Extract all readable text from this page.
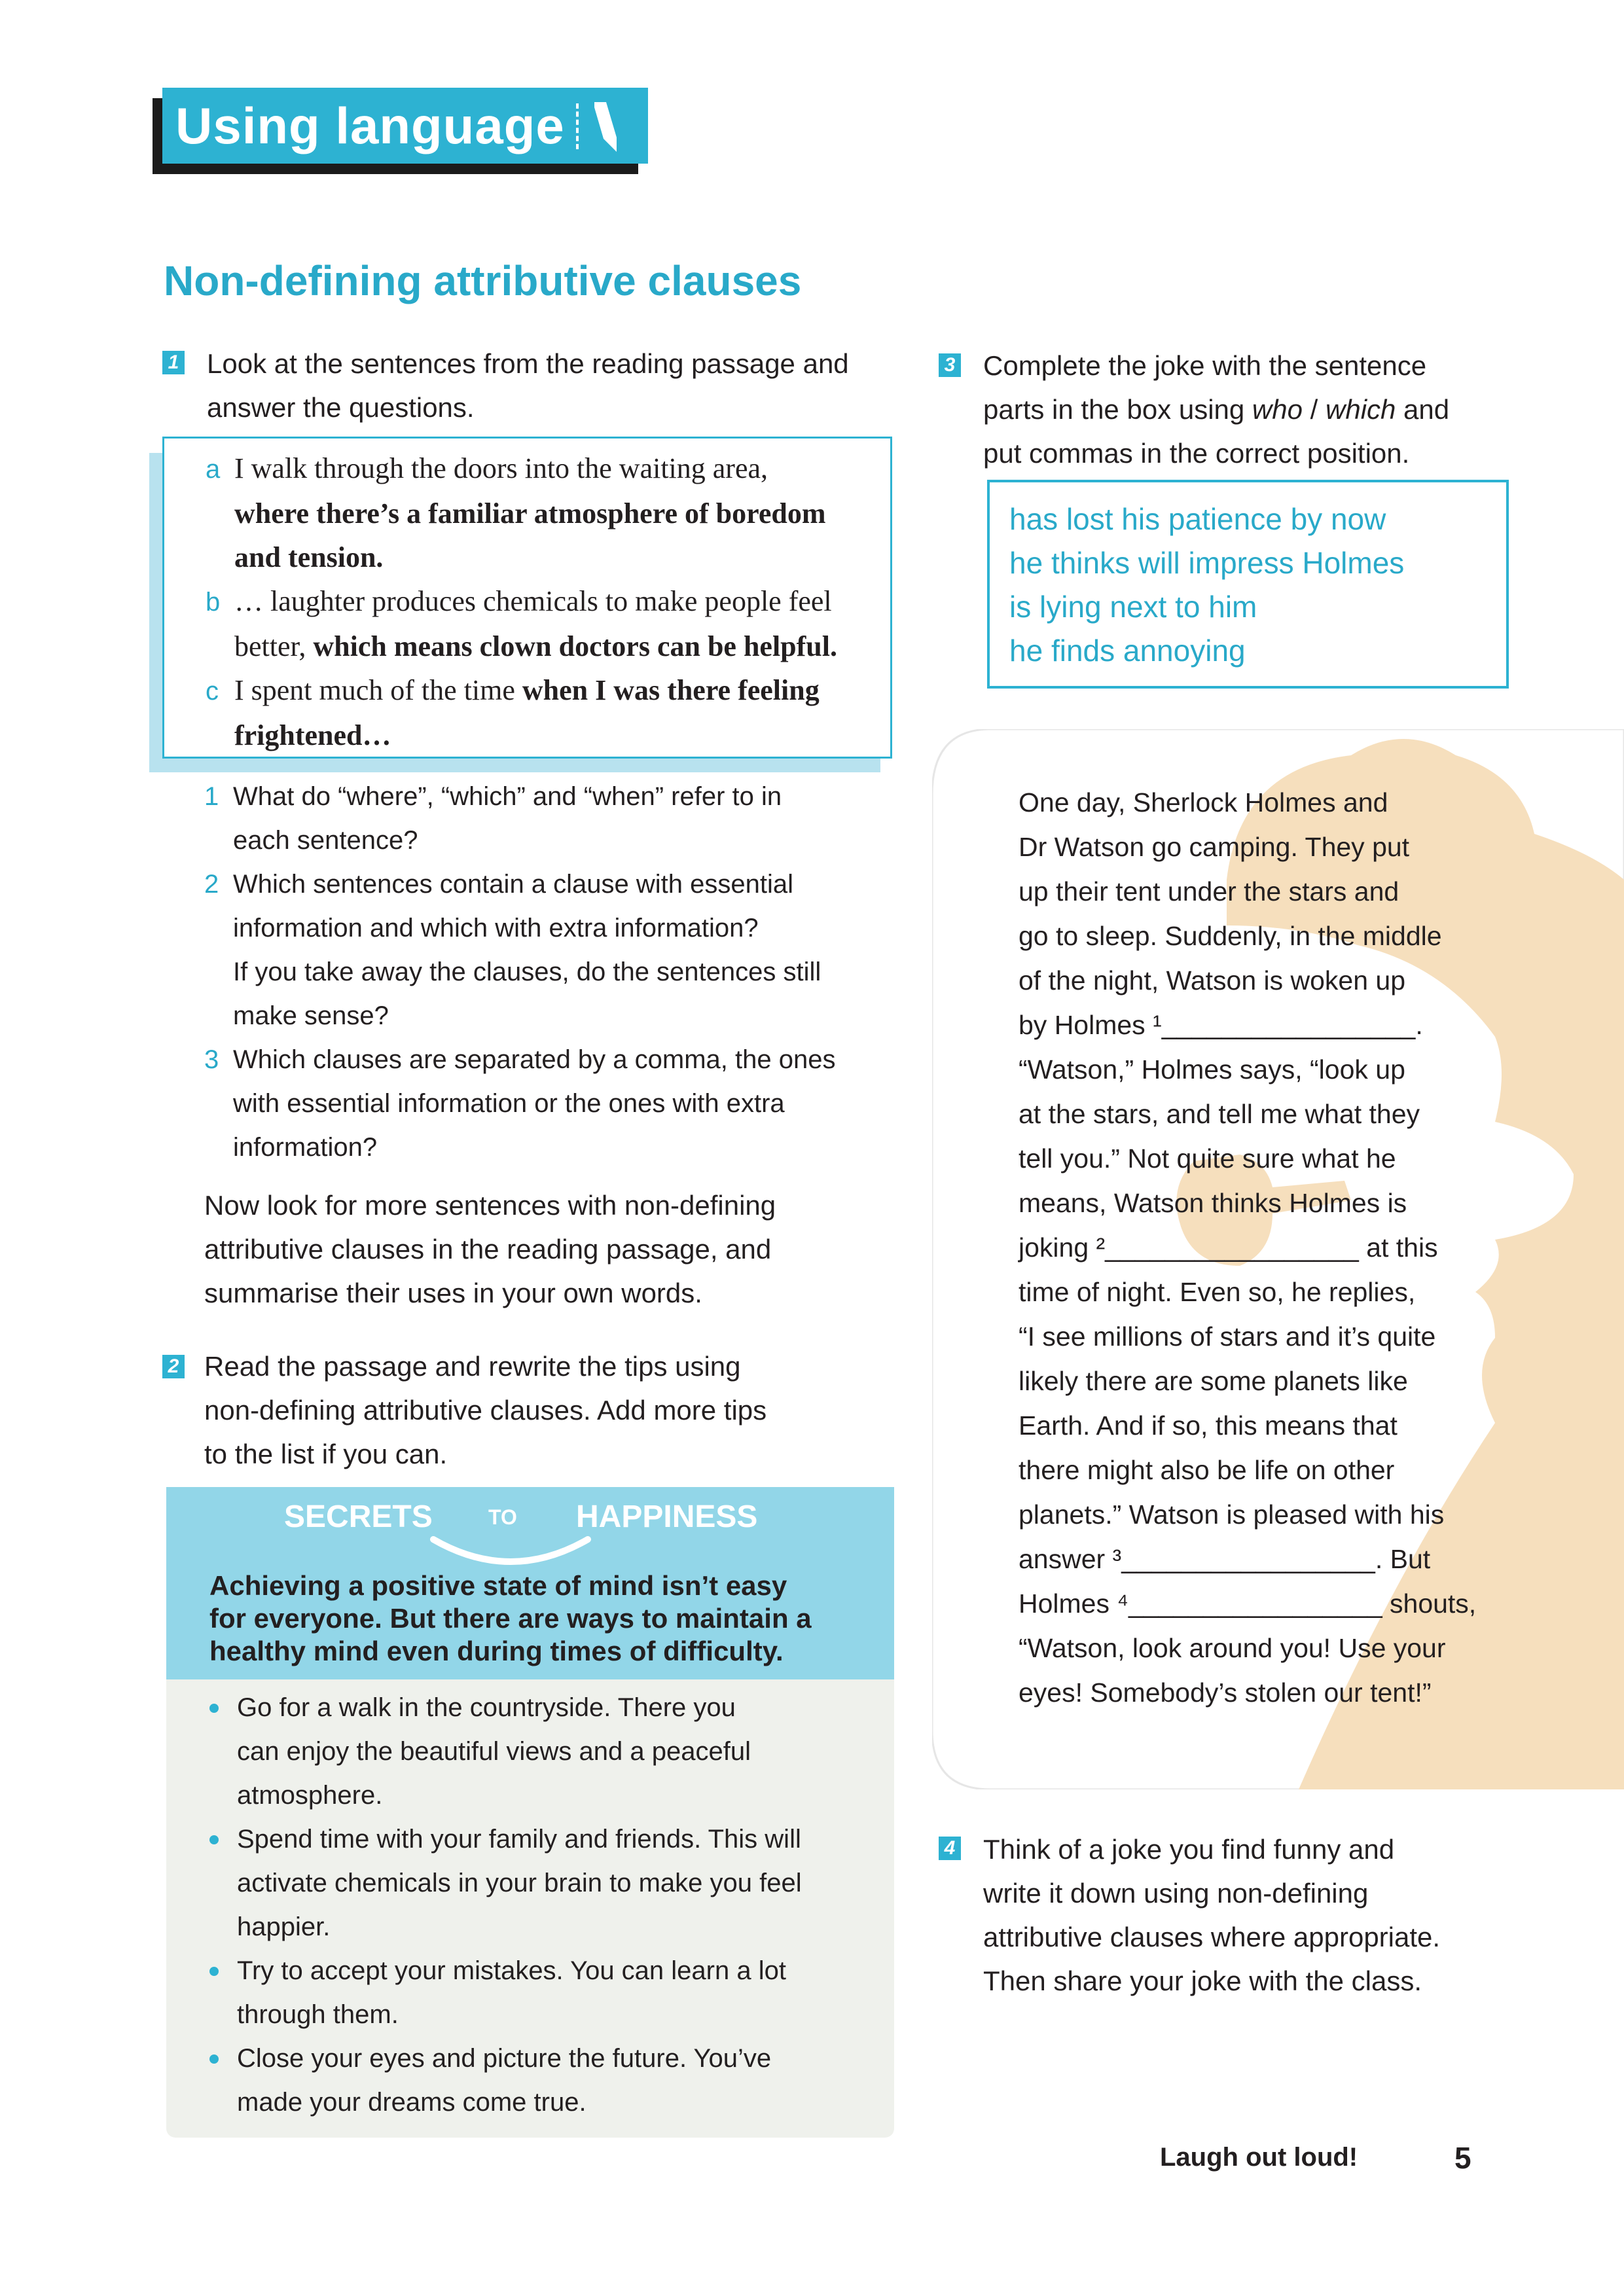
Using language
Non-defining attributive clauses
1 Look at the sentences from the reading passage and
answer the questions.
a I walk through the doors into the waiting area,
where there’s a familiar atmosphere of boredom
and tension.
b … laughter produces chemicals to make people feel
better, which means clown doctors can be helpful.
c I spent much of the time when I was there feeling
frightened…
1 What do “where”, “which” and “when” refer to in
each sentence?
2 Which sentences contain a clause with essential
information and which with extra information?
If you take away the clauses, do the sentences still
make sense?
3 Which clauses are separated by a comma, the ones
with essential information or the ones with extra
information?
Now look for more sentences with non-defining
attributive clauses in the reading passage, and
summarise their uses in your own words.
2 Read the passage and rewrite the tips using
non-defining attributive clauses. Add more tips
to the list if you can.
SECRETS	TO HAPPINESS
Achieving a positive state of mind isn’t easy
for everyone. But there are ways to maintain a
healthy mind even during times of difficulty.
Go for a walk in the countryside. There you
can enjoy the beautiful views and a peaceful
atmosphere.
Spend time with your family and friends. This will
activate chemicals in your brain to make you feel
happier.
Try to accept your mistakes. You can learn a lot
through them.
Close your eyes and picture the future. You’ve
made your dreams come true.
3 Complete the joke with the sentence
parts in the box using who / which and
put commas in the correct position.
has lost his patience by now
he thinks will impress Holmes
is lying next to him
he finds annoying
One day, Sherlock Holmes and
Dr Watson go camping. They put
up their tent under the stars and
go to sleep. Suddenly, in the middle
of the night, Watson is woken up
by Holmes ¹_________________.
“Watson,” Holmes says, “look up
at the stars, and tell me what they
tell you.” Not quite sure what he
means, Watson thinks Holmes is
joking ²_________________ at this
time of night. Even so, he replies,
“I see millions of stars and it’s quite
likely there are some planets like
Earth. And if so, this means that
there might also be life on other
planets.” Watson is pleased with his
answer ³_________________. But
Holmes ⁴_________________ shouts,
“Watson, look around you! Use your
eyes! Somebody’s stolen our tent!”
4 Think of a joke you find funny and
write it down using non-defining
attributive clauses where appropriate.
Then share your joke with the class.
Laugh out loud!	5
